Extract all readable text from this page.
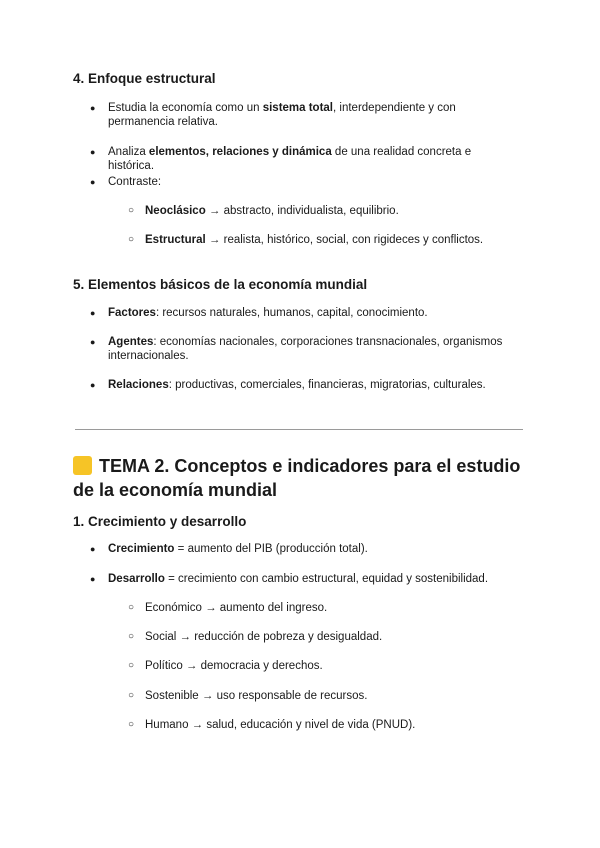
4. Enfoque estructural
● Estudia la economía como un sistema total, interdependiente y con permanencia relativa.
● Analiza elementos, relaciones y dinámica de una realidad concreta e histórica.
● Contraste:
○ Neoclásico → abstracto, individualista, equilibrio.
○ Estructural → realista, histórico, social, con rigideces y conflictos.
5. Elementos básicos de la economía mundial
● Factores: recursos naturales, humanos, capital, conocimiento.
● Agentes: economías nacionales, corporaciones transnacionales, organismos internacionales.
● Relaciones: productivas, comerciales, financieras, migratorias, culturales.
TEMA 2. Conceptos e indicadores para el estudio de la economía mundial
1. Crecimiento y desarrollo
● Crecimiento = aumento del PIB (producción total).
● Desarrollo = crecimiento con cambio estructural, equidad y sostenibilidad.
○ Económico → aumento del ingreso.
○ Social → reducción de pobreza y desigualdad.
○ Político → democracia y derechos.
○ Sostenible → uso responsable de recursos.
○ Humano → salud, educación y nivel de vida (PNUD).
